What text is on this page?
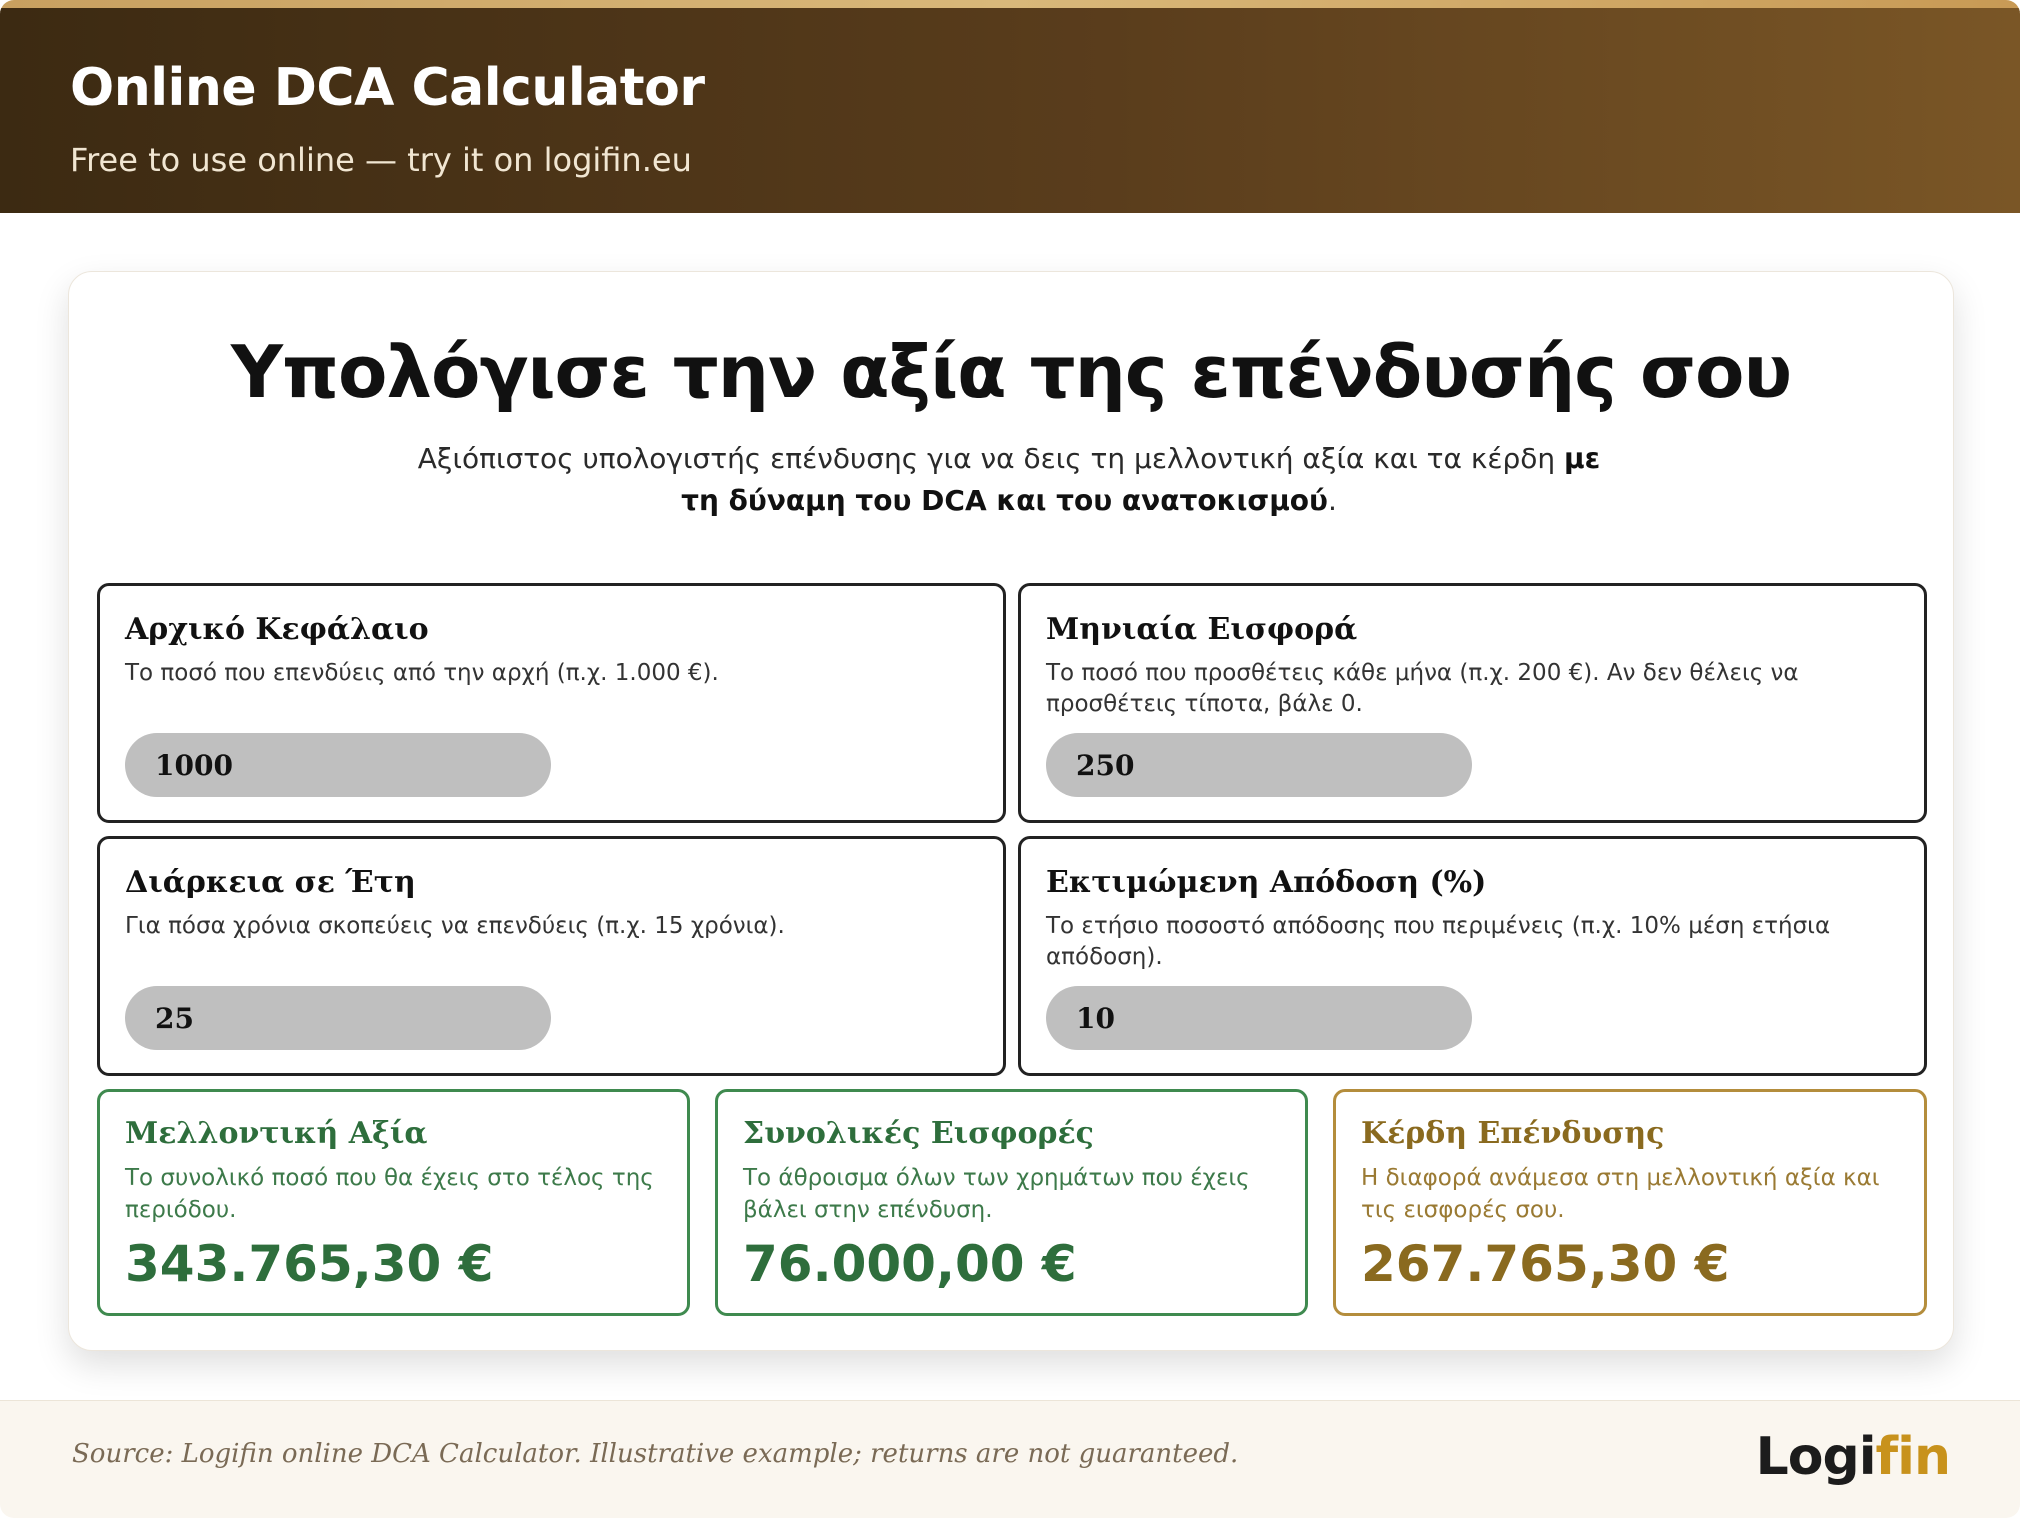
Online DCA Calculator
Free to use online — try it on logifin.eu
Υπολόγισε την αξία της επένδυσής σου
Αξιόπιστος υπολογιστής επένδυσης για να δεις τη μελλοντική αξία και τα κέρδη με τη δύναμη του DCA και του ανατοκισμού.
Αρχικό Κεφάλαιο
Το ποσό που επενδύεις από την αρχή (π.χ. 1.000 €).
1000
Μηνιαία Εισφορά
Το ποσό που προσθέτεις κάθε μήνα (π.χ. 200 €). Αν δεν θέλεις να προσθέτεις τίποτα, βάλε 0.
250
Διάρκεια σε Έτη
Για πόσα χρόνια σκοπεύεις να επενδύεις (π.χ. 15 χρόνια).
25
Εκτιμώμενη Απόδοση (%)
Το ετήσιο ποσοστό απόδοσης που περιμένεις (π.χ. 10% μέση ετήσια απόδοση).
10
Μελλοντική Αξία
Το συνολικό ποσό που θα έχεις στο τέλος της περιόδου.
343.765,30 €
Συνολικές Εισφορές
Το άθροισμα όλων των χρημάτων που έχεις βάλει στην επένδυση.
76.000,00 €
Κέρδη Επένδυσης
Η διαφορά ανάμεσα στη μελλοντική αξία και τις εισφορές σου.
267.765,30 €
Source: Logifin online DCA Calculator. Illustrative example; returns are not guaranteed.	Logifin
